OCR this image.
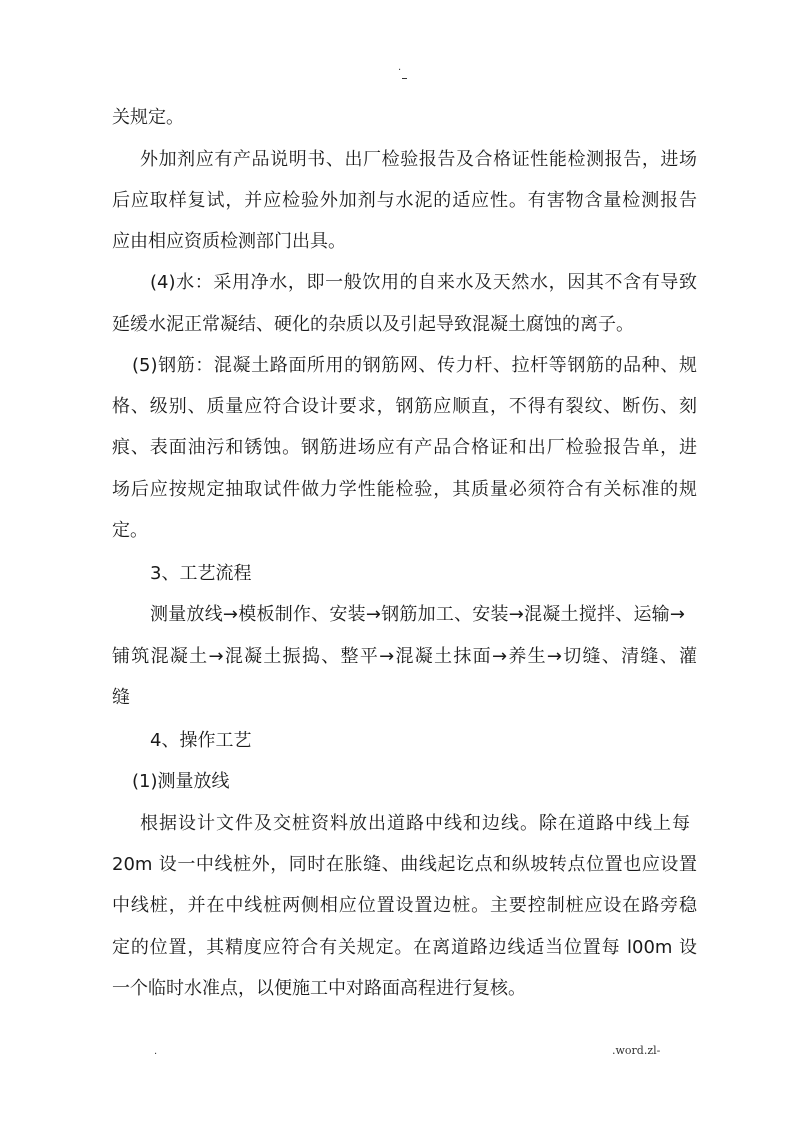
.
关规定。
外加剂应有产品说明书、出厂检验报告及合格证性能检测报告，进场
后应取样复试，并应检验外加剂与水泥的适应性。有害物含量检测报告
应由相应资质检测部门出具。
(4)水：采用净水，即一般饮用的自来水及天然水，因其不含有导致
延缓水泥正常凝结、硬化的杂质以及引起导致混凝土腐蚀的离子。
(5)钢筋：混凝土路面所用的钢筋网、传力杆、拉杆等钢筋的品种、规
格、级别、质量应符合设计要求，钢筋应顺直，不得有裂纹、断伤、刻
痕、表面油污和锈蚀。钢筋进场应有产品合格证和出厂检验报告单，进
场后应按规定抽取试件做力学性能检验，其质量必须符合有关标准的规
定。
3、工艺流程
测量放线→模板制作、安装→钢筋加工、安装→混凝土搅拌、运输→
铺筑混凝土→混凝土振捣、整平→混凝土抹面→养生→切缝、清缝、灌
缝
4、操作工艺
(1)测量放线
根据设计文件及交桩资料放出道路中线和边线。除在道路中线上每
20m 设一中线桩外，同时在胀缝、曲线起讫点和纵坡转点位置也应设置
中线桩，并在中线桩两侧相应位置设置边桩。主要控制桩应设在路旁稳
定的位置，其精度应符合有关规定。在离道路边线适当位置每 l00m 设
一个临时水准点，以便施工中对路面高程进行复核。
.	.word.zl-
